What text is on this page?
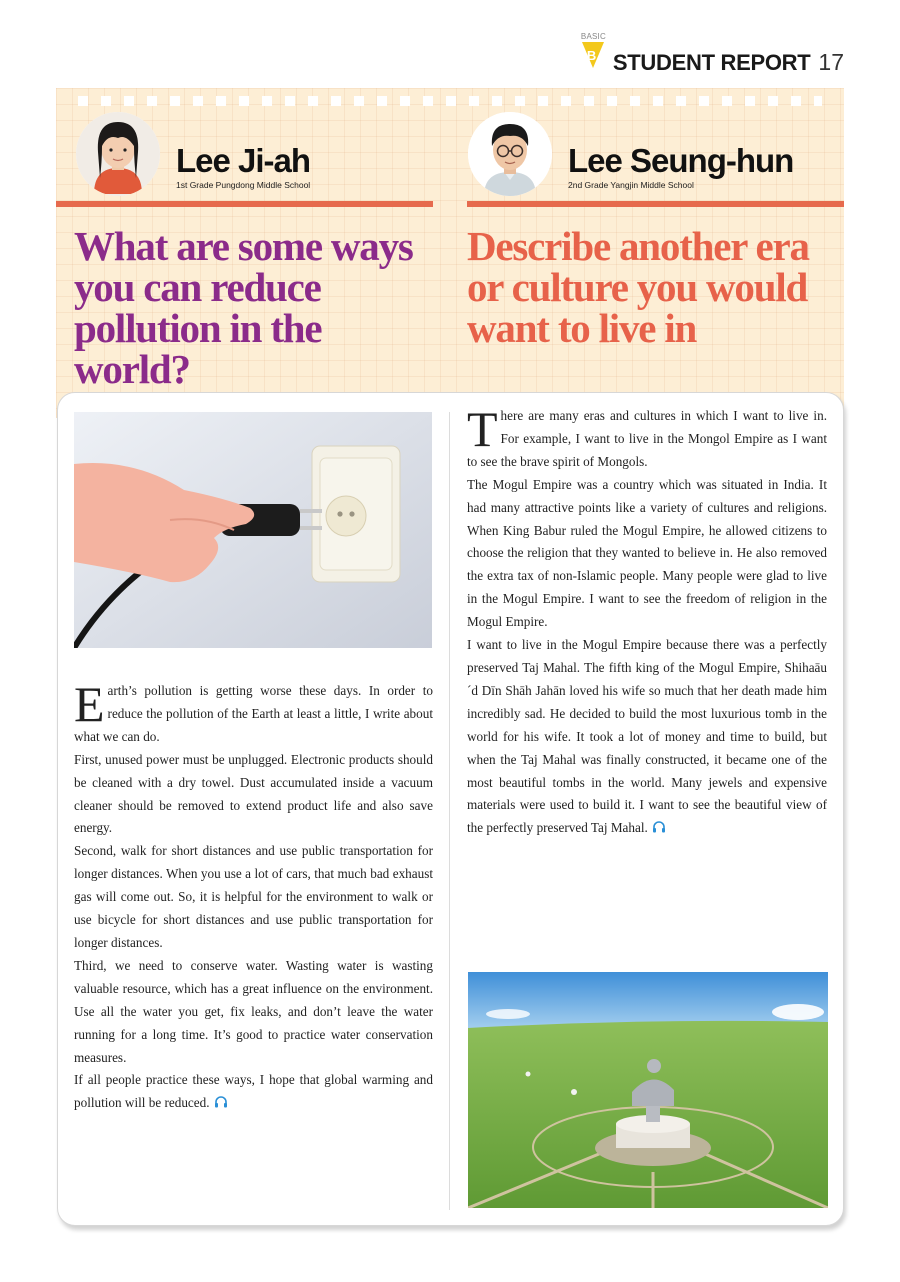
BASIC
B STUDENT REPORT 17
Lee Ji-ah
1st Grade Pungdong Middle School
Lee Seung-hun
2nd Grade Yangjin Middle School
What are some ways you can reduce pollution in the world?
Describe another era or culture you would want to live in

Earth’s pollution is getting worse these days. In order to reduce the pollution of the Earth at least a little, I write about what we can do.

First, unused power must be unplugged. Electronic products should be cleaned with a dry towel. Dust accumulated inside a vacuum cleaner should be removed to extend product life and also save energy.

Second, walk for short distances and use public transportation for longer distances. When you use a lot of cars, that much bad exhaust gas will come out. So, it is helpful for the environment to walk or use bicycle for short distances and use public transportation for longer distances.

Third, we need to conserve water. Wasting water is wasting valuable resource, which has a great influence on the environment. Use all the water you get, fix leaks, and don’t leave the water running for a long time. It’s good to practice water conservation measures.

If all people practice these ways, I hope that global warming and pollution will be reduced.

There are many eras and cultures in which I want to live in. For example, I want to live in the Mongol Empire as I want to see the brave spirit of Mongols.

The Mogul Empire was a country which was situated in India. It had many attractive points like a variety of cultures and religions. When King Babur ruled the Mogul Empire, he allowed citizens to choose the religion that they wanted to believe in. He also removed the extra tax of non-Islamic people. Many people were glad to live in the Mogul Empire. I want to see the freedom of religion in the Mogul Empire.

I want to live in the Mogul Empire because there was a perfectly preserved Taj Mahal. The fifth king of the Mogul Empire, Shihaāu´d Dīn Shāh Jahān loved his wife so much that her death made him incredibly sad. He decided to build the most luxurious tomb in the world for his wife. It took a lot of money and time to build, but when the Taj Mahal was finally constructed, it became one of the most beautiful tombs in the world. Many jewels and expensive materials were used to build it. I want to see the beautiful view of the perfectly preserved Taj Mahal.
